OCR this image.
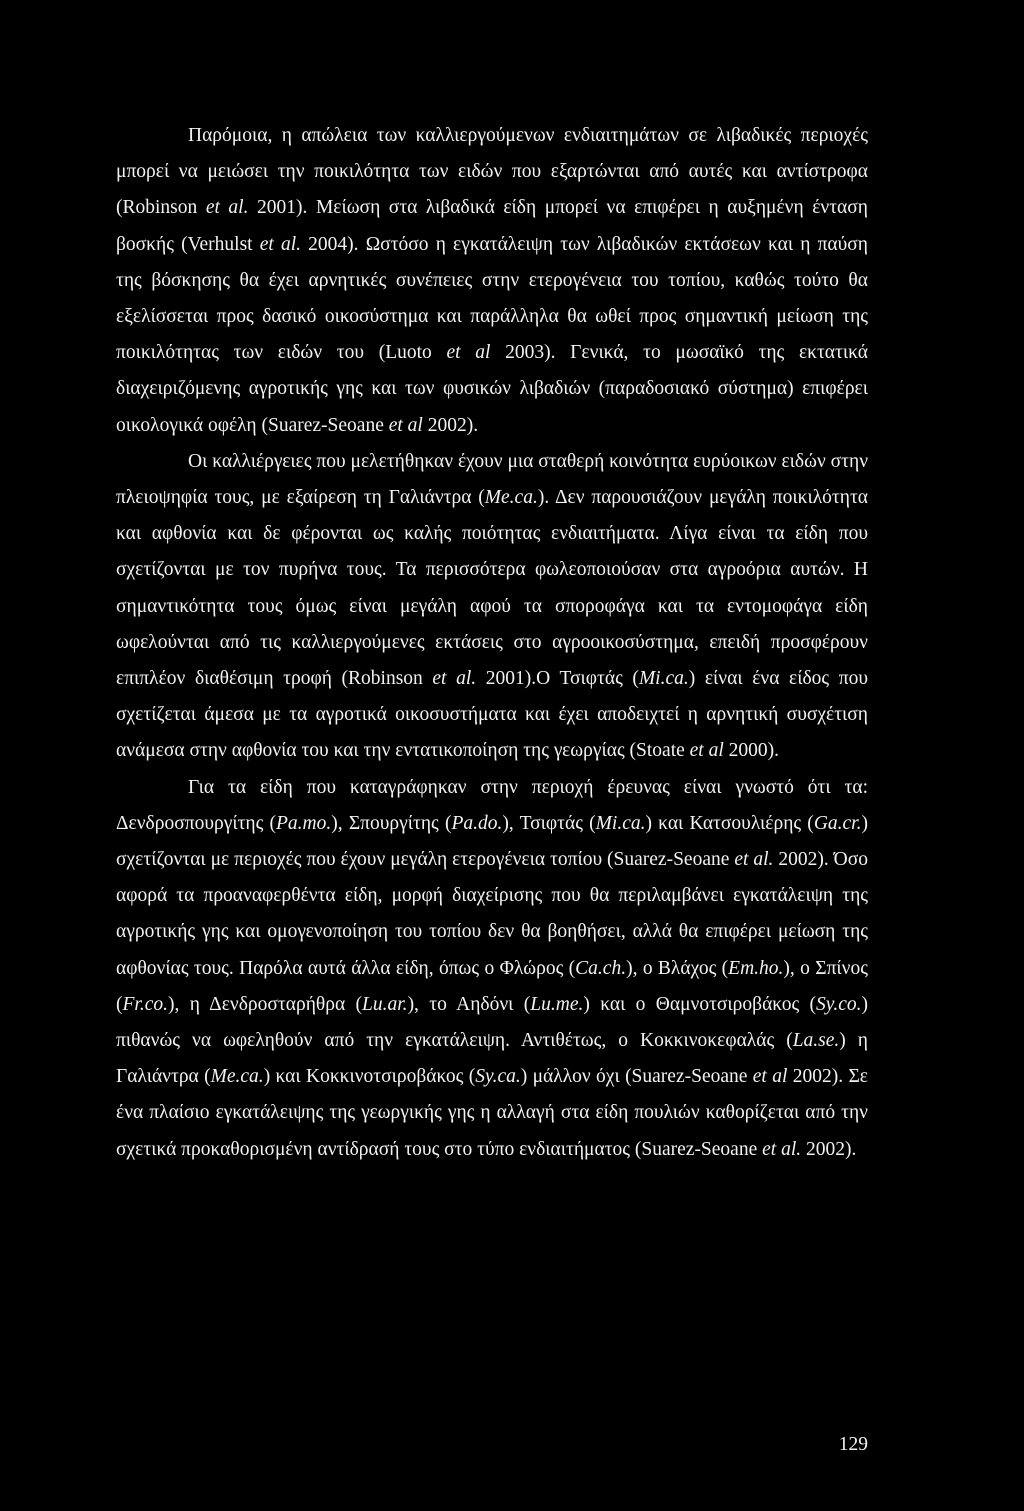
Παρόμοια, η απώλεια των καλλιεργούμενων ενδιαιτημάτων σε λιβαδικές περιοχές μπορεί να μειώσει την ποικιλότητα των ειδών που εξαρτώνται από αυτές και αντίστροφα (Robinson et al. 2001). Μείωση στα λιβαδικά είδη μπορεί να επιφέρει η αυξημένη ένταση βοσκής (Verhulst et al. 2004). Ωστόσο η εγκατάλειψη των λιβαδικών εκτάσεων και η παύση της βόσκησης θα έχει αρνητικές συνέπειες στην ετερογένεια του τοπίου, καθώς τούτο θα εξελίσσεται προς δασικό οικοσύστημα και παράλληλα θα ωθεί προς σημαντική μείωση της ποικιλότητας των ειδών του (Luoto et al 2003). Γενικά, το μωσαϊκό της εκτατικά διαχειριζόμενης αγροτικής γης και των φυσικών λιβαδιών (παραδοσιακό σύστημα) επιφέρει οικολογικά οφέλη (Suarez-Seoane et al 2002).

Οι καλλιέργειες που μελετήθηκαν έχουν μια σταθερή κοινότητα ευρύοικων ειδών στην πλειοψηφία τους, με εξαίρεση τη Γαλιάντρα (Me.ca.). Δεν παρουσιάζουν μεγάλη ποικιλότητα και αφθονία και δε φέρονται ως καλής ποιότητας ενδιαιτήματα. Λίγα είναι τα είδη που σχετίζονται με τον πυρήνα τους. Τα περισσότερα φωλεοποιούσαν στα αγροόρια αυτών. Η σημαντικότητα τους όμως είναι μεγάλη αφού τα σποροφάγα και τα εντομοφάγα είδη ωφελούνται από τις καλλιεργούμενες εκτάσεις στο αγροοικοσύστημα, επειδή προσφέρουν επιπλέον διαθέσιμη τροφή (Robinson et al. 2001).Ο Τσιφτάς (Mi.ca.) είναι ένα είδος που σχετίζεται άμεσα με τα αγροτικά οικοσυστήματα και έχει αποδειχτεί η αρνητική συσχέτιση ανάμεσα στην αφθονία του και την εντατικοποίηση της γεωργίας (Stoate et al 2000).

Για τα είδη που καταγράφηκαν στην περιοχή έρευνας είναι γνωστό ότι τα: Δενδροσπουργίτης (Pa.mo.), Σπουργίτης (Pa.do.), Τσιφτάς (Mi.ca.) και Κατσουλιέρης (Ga.cr.) σχετίζονται με περιοχές που έχουν μεγάλη ετερογένεια τοπίου (Suarez-Seoane et al. 2002). Όσο αφορά τα προαναφερθέντα είδη, μορφή διαχείρισης που θα περιλαμβάνει εγκατάλειψη της αγροτικής γης και ομογενοποίηση του τοπίου δεν θα βοηθήσει, αλλά θα επιφέρει μείωση της αφθονίας τους. Παρόλα αυτά άλλα είδη, όπως ο Φλώρος (Ca.ch.), ο Βλάχος (Em.ho.), ο Σπίνος (Fr.co.), η Δενδροσταρήθρα (Lu.ar.), το Αηδόνι (Lu.me.) και ο Θαμνοτσιροβάκος (Sy.co.) πιθανώς να ωφεληθούν από την εγκατάλειψη. Αντιθέτως, ο Κοκκινοκεφαλάς (La.se.) η Γαλιάντρα (Me.ca.) και Κοκκινοτσιροβάκος (Sy.ca.) μάλλον όχι (Suarez-Seoane et al 2002). Σε ένα πλαίσιο εγκατάλειψης της γεωργικής γης η αλλαγή στα είδη πουλιών καθορίζεται από την σχετικά προκαθορισμένη αντίδρασή τους στο τύπο ενδιαιτήματος (Suarez-Seoane et al. 2002).

129
